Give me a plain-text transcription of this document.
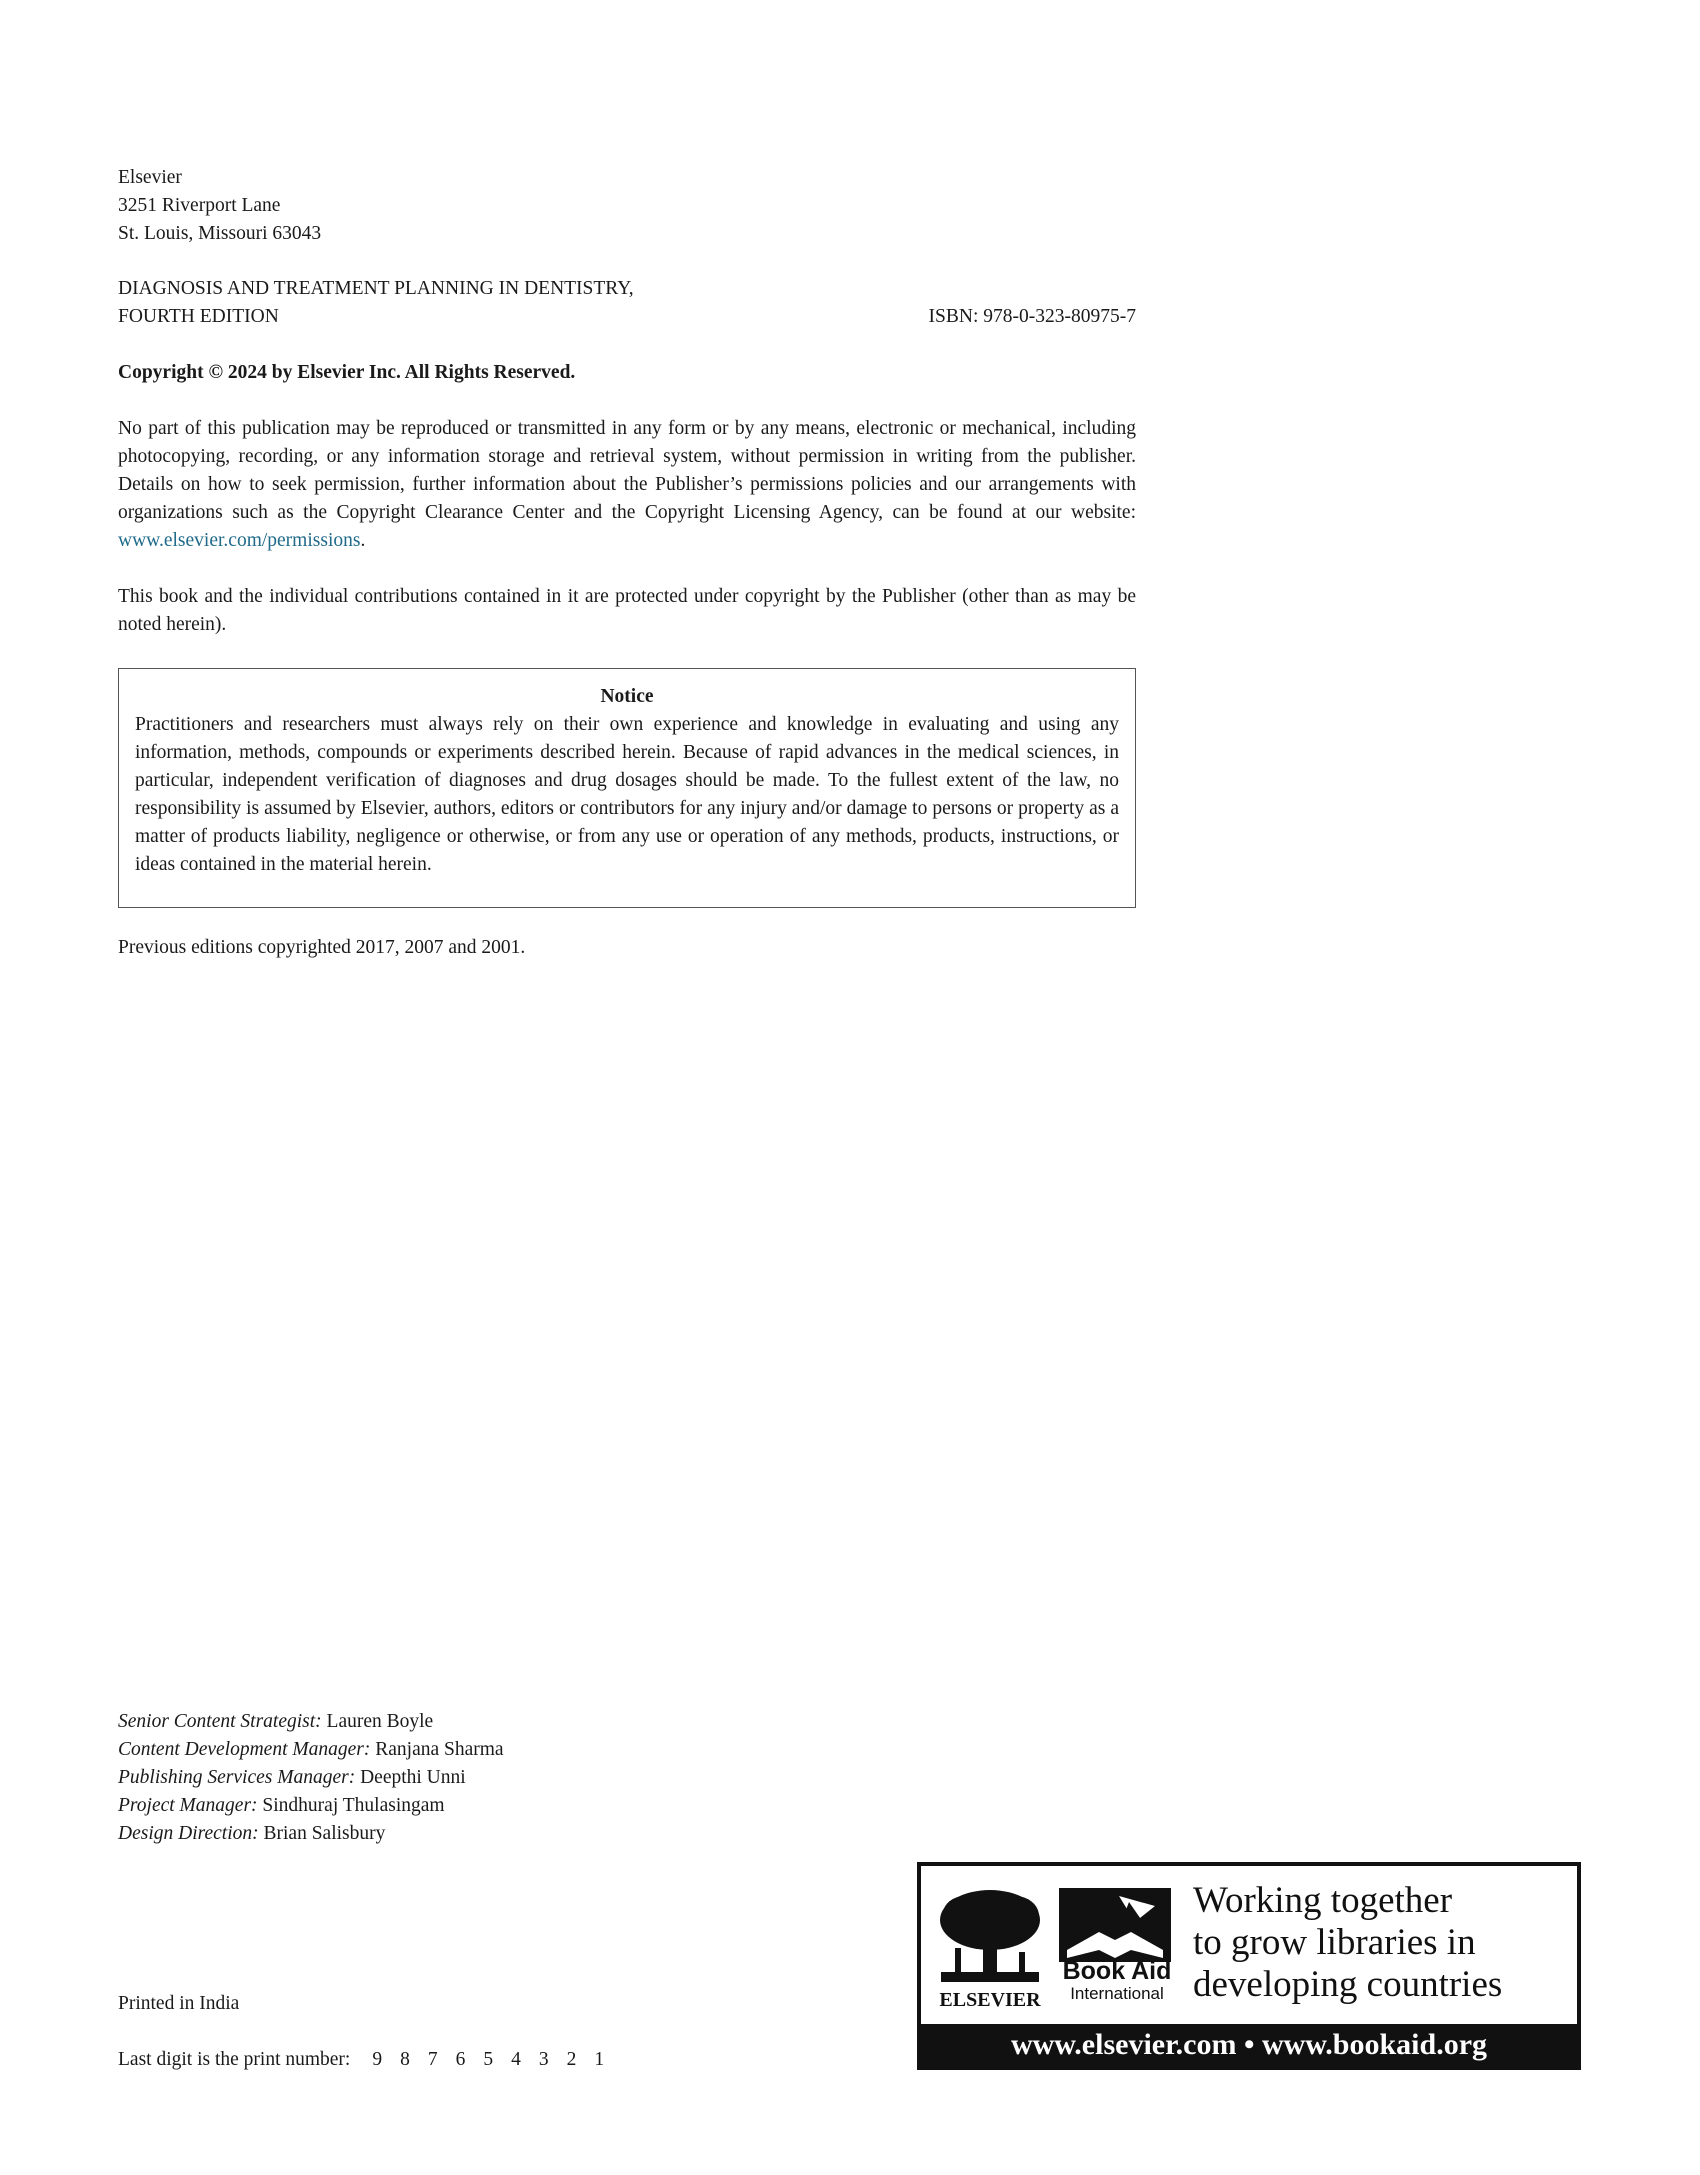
Elsevier
3251 Riverport Lane
St. Louis, Missouri 63043
DIAGNOSIS AND TREATMENT PLANNING IN DENTISTRY,
FOURTH EDITION	ISBN: 978-0-323-80975-7
Copyright © 2024 by Elsevier Inc. All Rights Reserved.

No part of this publication may be reproduced or transmitted in any form or by any means, electronic or mechanical, including photocopying, recording, or any information storage and retrieval system, without permission in writing from the publisher. Details on how to seek permission, further information about the Publisher’s permissions policies and our arrangements with organizations such as the Copyright Clearance Center and the Copyright Licensing Agency, can be found at our website: www.elsevier.com/permissions.

This book and the individual contributions contained in it are protected under copyright by the Publisher (other than as may be noted herein).

Notice

Practitioners and researchers must always rely on their own experience and knowledge in evaluating and using any information, methods, compounds or experiments described herein. Because of rapid advances in the medical sciences, in particular, independent verification of diagnoses and drug dosages should be made. To the fullest extent of the law, no responsibility is assumed by Elsevier, authors, editors or contributors for any injury and/or damage to persons or property as a matter of products liability, negligence or otherwise, or from any use or operation of any methods, products, instructions, or ideas contained in the material herein.

Previous editions copyrighted 2017, 2007 and 2001.
Senior Content Strategist: Lauren Boyle
Content Development Manager: Ranjana Sharma
Publishing Services Manager: Deepthi Unni
Project Manager: Sindhuraj Thulasingam
Design Direction: Brian Salisbury
Printed in India
Last digit is the print number: 9 8 7 6 5 4 3 2 1
ELSEVIER
Book Aid
International
Working together
to grow libraries in
developing countries
www.elsevier.com • www.bookaid.org
